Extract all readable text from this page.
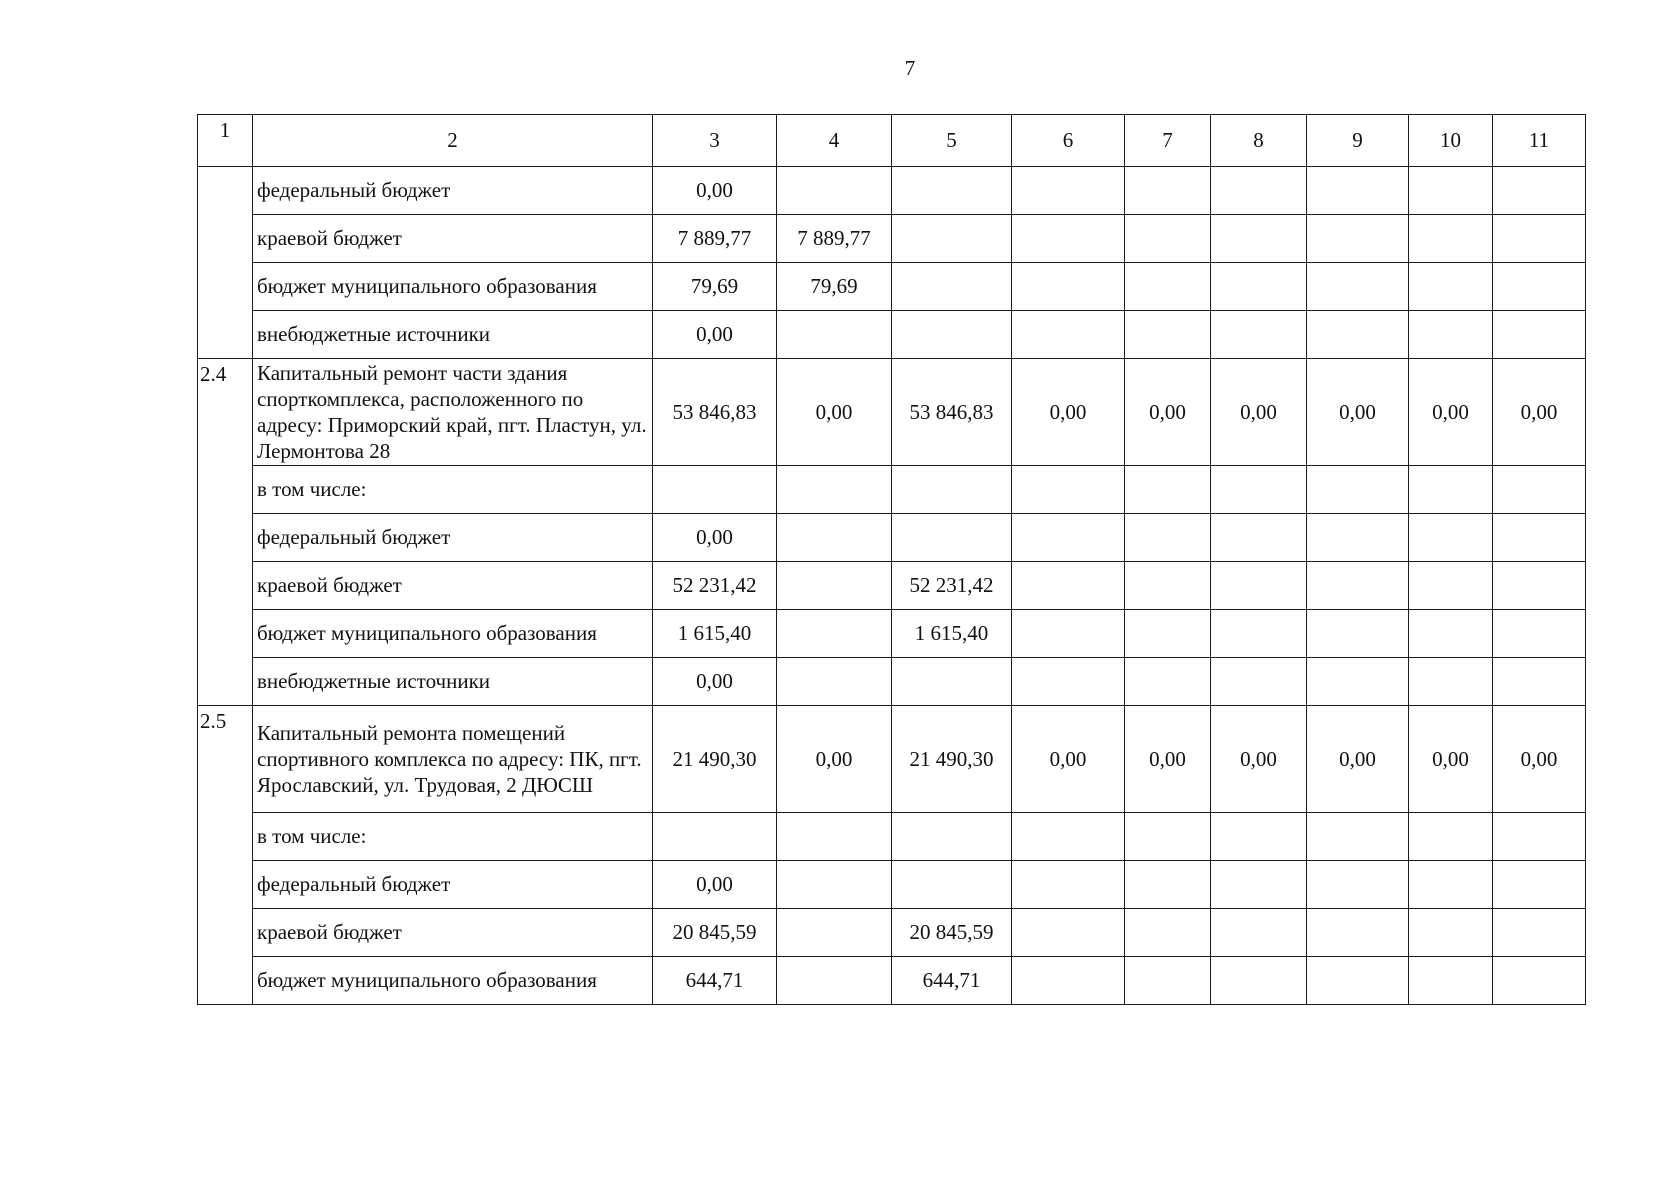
7
1	2	3	4	5	6	7	8	9	10	11
	федеральный бюджет	0,00								
	краевой бюджет	7 889,77	7 889,77							
	бюджет муниципального образования	79,69	79,69							
	внебюджетные источники	0,00								
2.4	Капитальный ремонт части здания спорткомплекса, расположенного по адресу: Приморский край, пгт. Пластун, ул. Лермонтова 28	53 846,83	0,00	53 846,83	0,00	0,00	0,00	0,00	0,00	0,00
	в том числе:									
	федеральный бюджет	0,00								
	краевой бюджет	52 231,42		52 231,42						
	бюджет муниципального образования	1 615,40		1 615,40						
	внебюджетные источники	0,00								
2.5	Капитальный ремонта помещений спортивного комплекса по адресу: ПК, пгт. Ярославский, ул. Трудовая, 2 ДЮСШ	21 490,30	0,00	21 490,30	0,00	0,00	0,00	0,00	0,00	0,00
	в том числе:									
	федеральный бюджет	0,00								
	краевой бюджет	20 845,59		20 845,59						
	бюджет муниципального образования	644,71		644,71						
